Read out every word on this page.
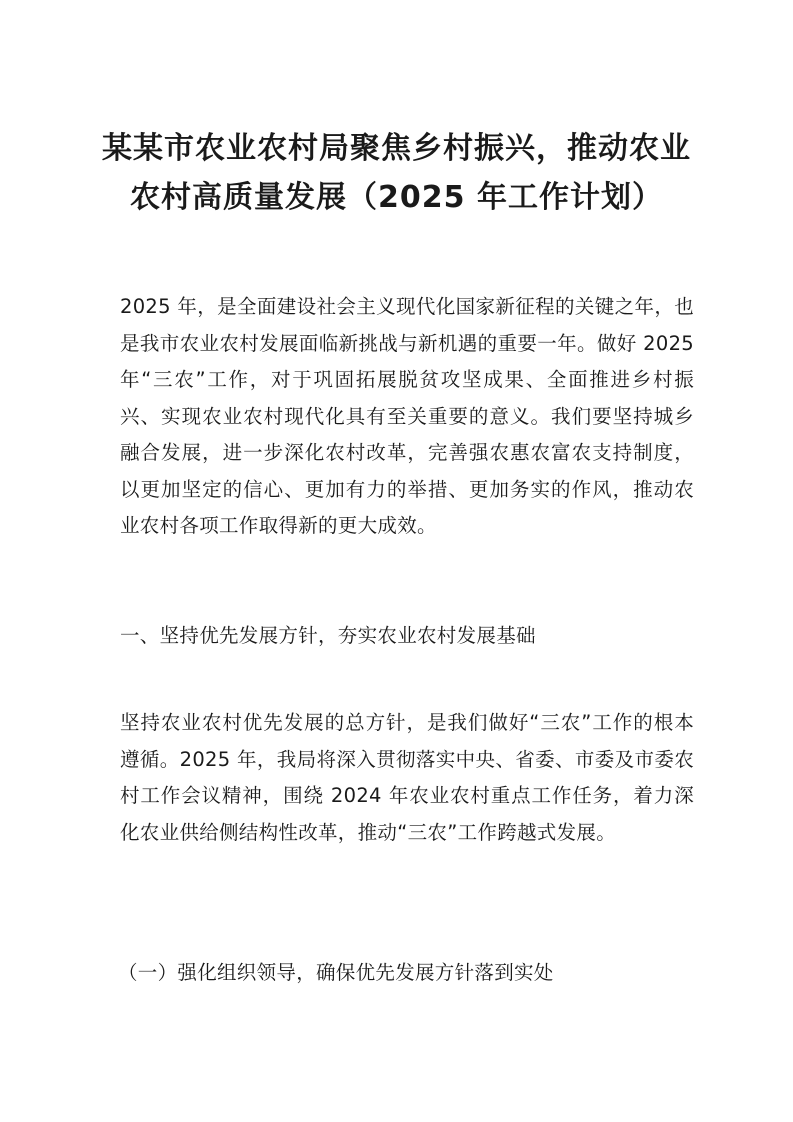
某某市农业农村局聚焦乡村振兴，推动农业
农村高质量发展（2025 年工作计划）
2025 年，是全面建设社会主义现代化国家新征程的关键之年，也是我市农业农村发展面临新挑战与新机遇的重要一年。做好 2025 年“三农”工作，对于巩固拓展脱贫攻坚成果、全面推进乡村振兴、实现农业农村现代化具有至关重要的意义。我们要坚持城乡融合发展，进一步深化农村改革，完善强农惠农富农支持制度，以更加坚定的信心、更加有力的举措、更加务实的作风，推动农业农村各项工作取得新的更大成效。
一、坚持优先发展方针，夯实农业农村发展基础
坚持农业农村优先发展的总方针，是我们做好“三农”工作的根本遵循。2025 年，我局将深入贯彻落实中央、省委、市委及市委农村工作会议精神，围绕 2024 年农业农村重点工作任务，着力深化农业供给侧结构性改革，推动“三农”工作跨越式发展。
（一）强化组织领导，确保优先发展方针落到实处
